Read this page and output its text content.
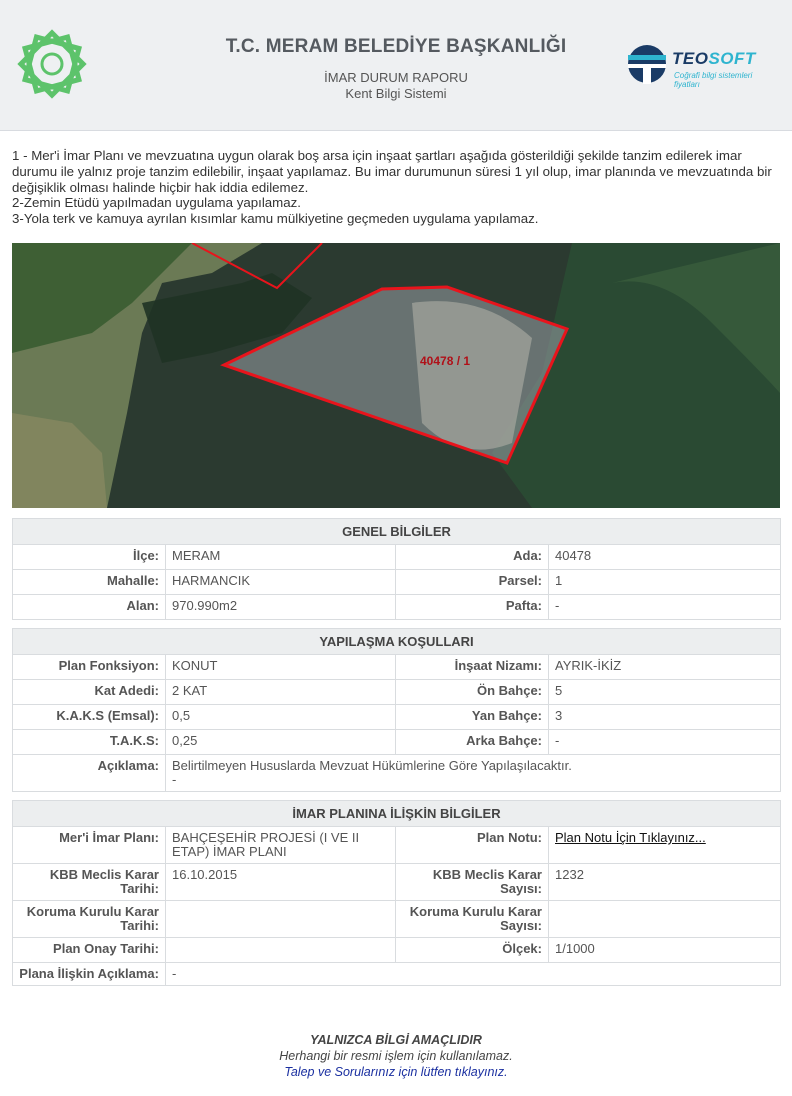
T.C. MERAM BELEDİYE BAŞKANLIĞI
İMAR DURUM RAPORU
Kent Bilgi Sistemi
TEOSOFT
Coğrafi bilgi sistemleri fiyatları
1 - Mer'i İmar Planı ve mevzuatına uygun olarak boş arsa için inşaat şartları aşağıda gösterildiği şekilde tanzim edilerek imar durumu ile yalnız proje tanzim edilebilir, inşaat yapılamaz. Bu imar durumunun süresi 1 yıl olup, imar planında ve mevzuatında bir değişiklik olması halinde hiçbir hak iddia edilemez.
2-Zemin Etüdü yapılmadan uygulama yapılamaz.
3-Yola terk ve kamuya ayrılan kısımlar kamu mülkiyetine geçmeden uygulama yapılamaz.
40478 / 1
GENEL BİLGİLER			
İlçe:	MERAM	Ada:	40478
Mahalle:	HARMANCIK	Parsel:	1
Alan:	970.990m2	Pafta:	-

YAPILAŞMA KOŞULLARI			
Plan Fonksiyon:	KONUT	İnşaat Nizamı:	AYRIK-İKİZ
Kat Adedi:	2 KAT	Ön Bahçe:	5
K.A.K.S (Emsal):	0,5	Yan Bahçe:	3
T.A.K.S:	0,25	Arka Bahçe:	-
Açıklama:	Belirtilmeyen Hususlarda Mevzuat Hükümlerine Göre Yapılaşılacaktır.
-		

İMAR PLANINA İLİŞKİN BİLGİLER			
Mer'i İmar Planı:	BAHÇEŞEHİR PROJESİ (I VE II ETAP) İMAR PLANI	Plan Notu:	Plan Notu İçin Tıklayınız...
KBB Meclis Karar Tarihi:	16.10.2015	KBB Meclis Karar Sayısı:	1232
Koruma Kurulu Karar Tarihi:		Koruma Kurulu Karar Sayısı:	
Plan Onay Tarihi:		Ölçek:	1/1000
Plana İlişkin Açıklama:	-		
YALNIZCA BİLGİ AMAÇLIDIR
Herhangi bir resmi işlem için kullanılamaz.
Talep ve Sorularınız için lütfen tıklayınız.
